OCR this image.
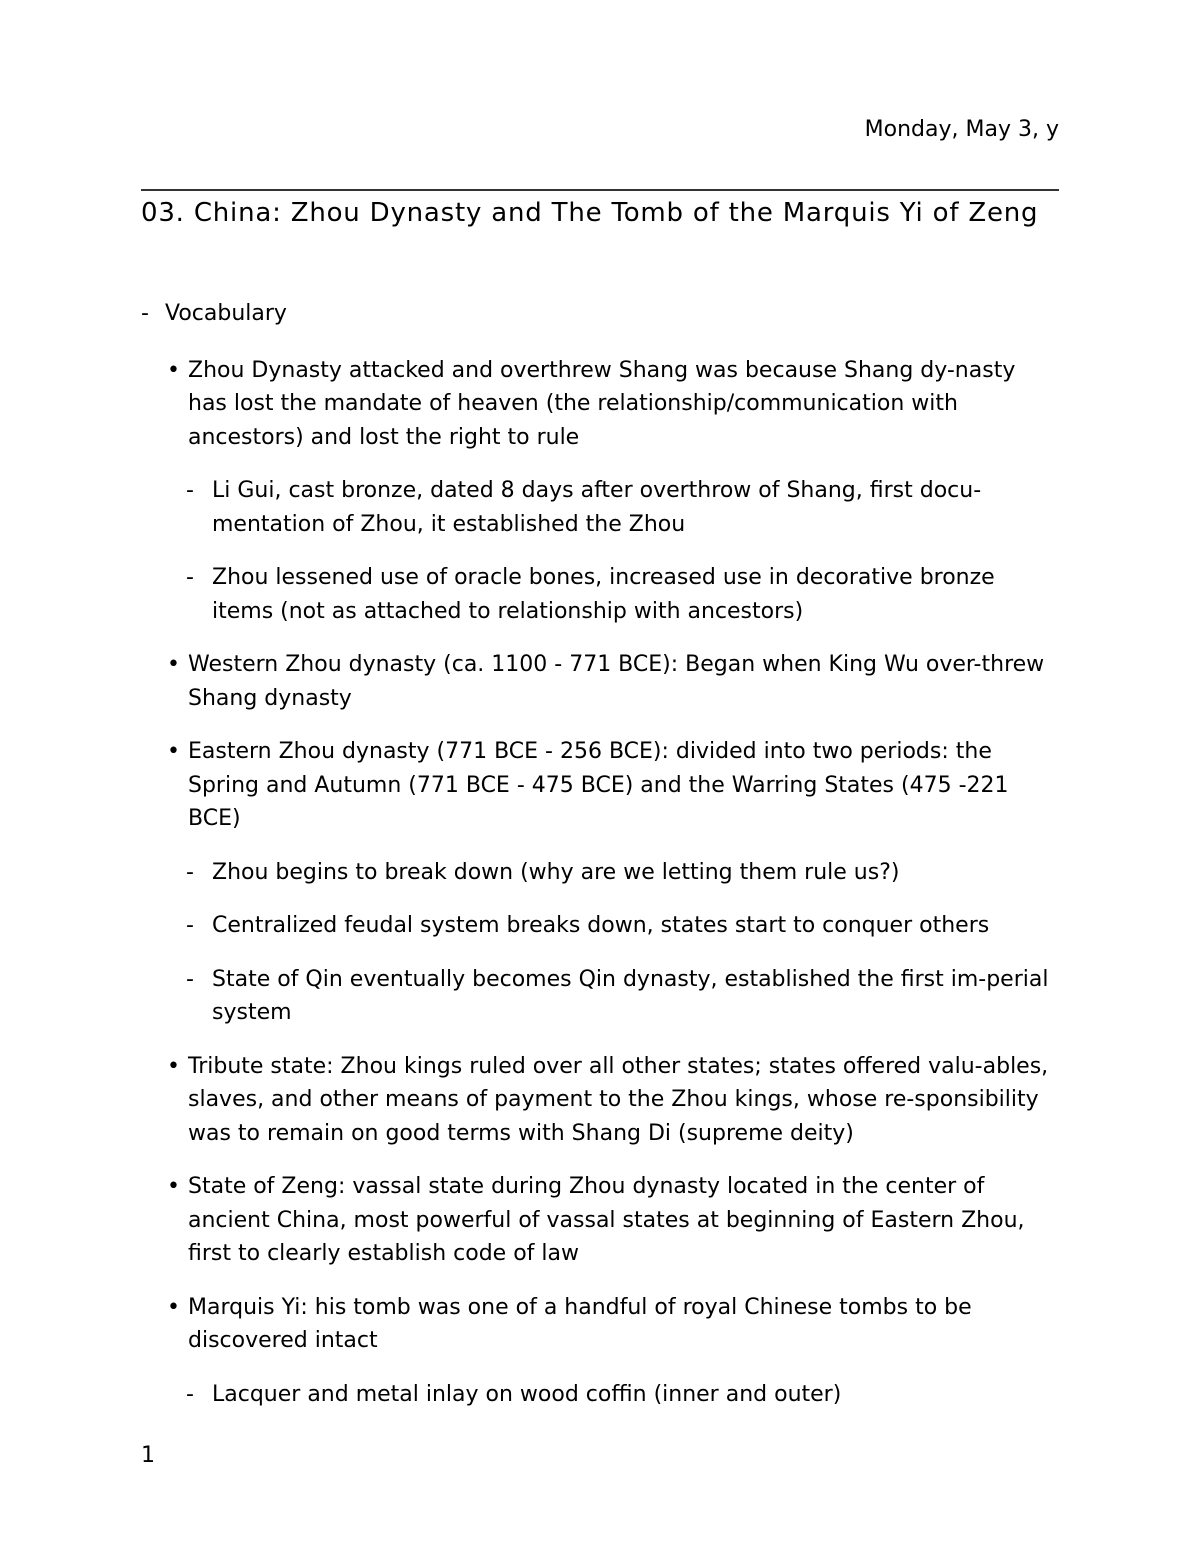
Monday, May 3, y
03. China: Zhou Dynasty and The Tomb of the Marquis Yi of Zeng
- Vocabulary
• Zhou Dynasty attacked and overthrew Shang was because Shang dy-nasty has lost the mandate of heaven (the relationship/communication with ancestors) and lost the right to rule
- Li Gui, cast bronze, dated 8 days after overthrow of Shang, first docu-mentation of Zhou, it established the Zhou
- Zhou lessened use of oracle bones, increased use in decorative bronze items (not as attached to relationship with ancestors)
• Western Zhou dynasty (ca. 1100 - 771 BCE): Began when King Wu over-threw Shang dynasty
• Eastern Zhou dynasty (771 BCE - 256 BCE): divided into two periods: the Spring and Autumn (771 BCE - 475 BCE) and the Warring States (475 -221 BCE)
- Zhou begins to break down (why are we letting them rule us?)
- Centralized feudal system breaks down, states start to conquer others
- State of Qin eventually becomes Qin dynasty, established the first im-perial system
• Tribute state: Zhou kings ruled over all other states; states offered valu-ables, slaves, and other means of payment to the Zhou kings, whose re-sponsibility was to remain on good terms with Shang Di (supreme deity)
• State of Zeng: vassal state during Zhou dynasty located in the center of ancient China, most powerful of vassal states at beginning of Eastern Zhou, first to clearly establish code of law
• Marquis Yi: his tomb was one of a handful of royal Chinese tombs to be discovered intact
- Lacquer and metal inlay on wood coffin (inner and outer)
1
